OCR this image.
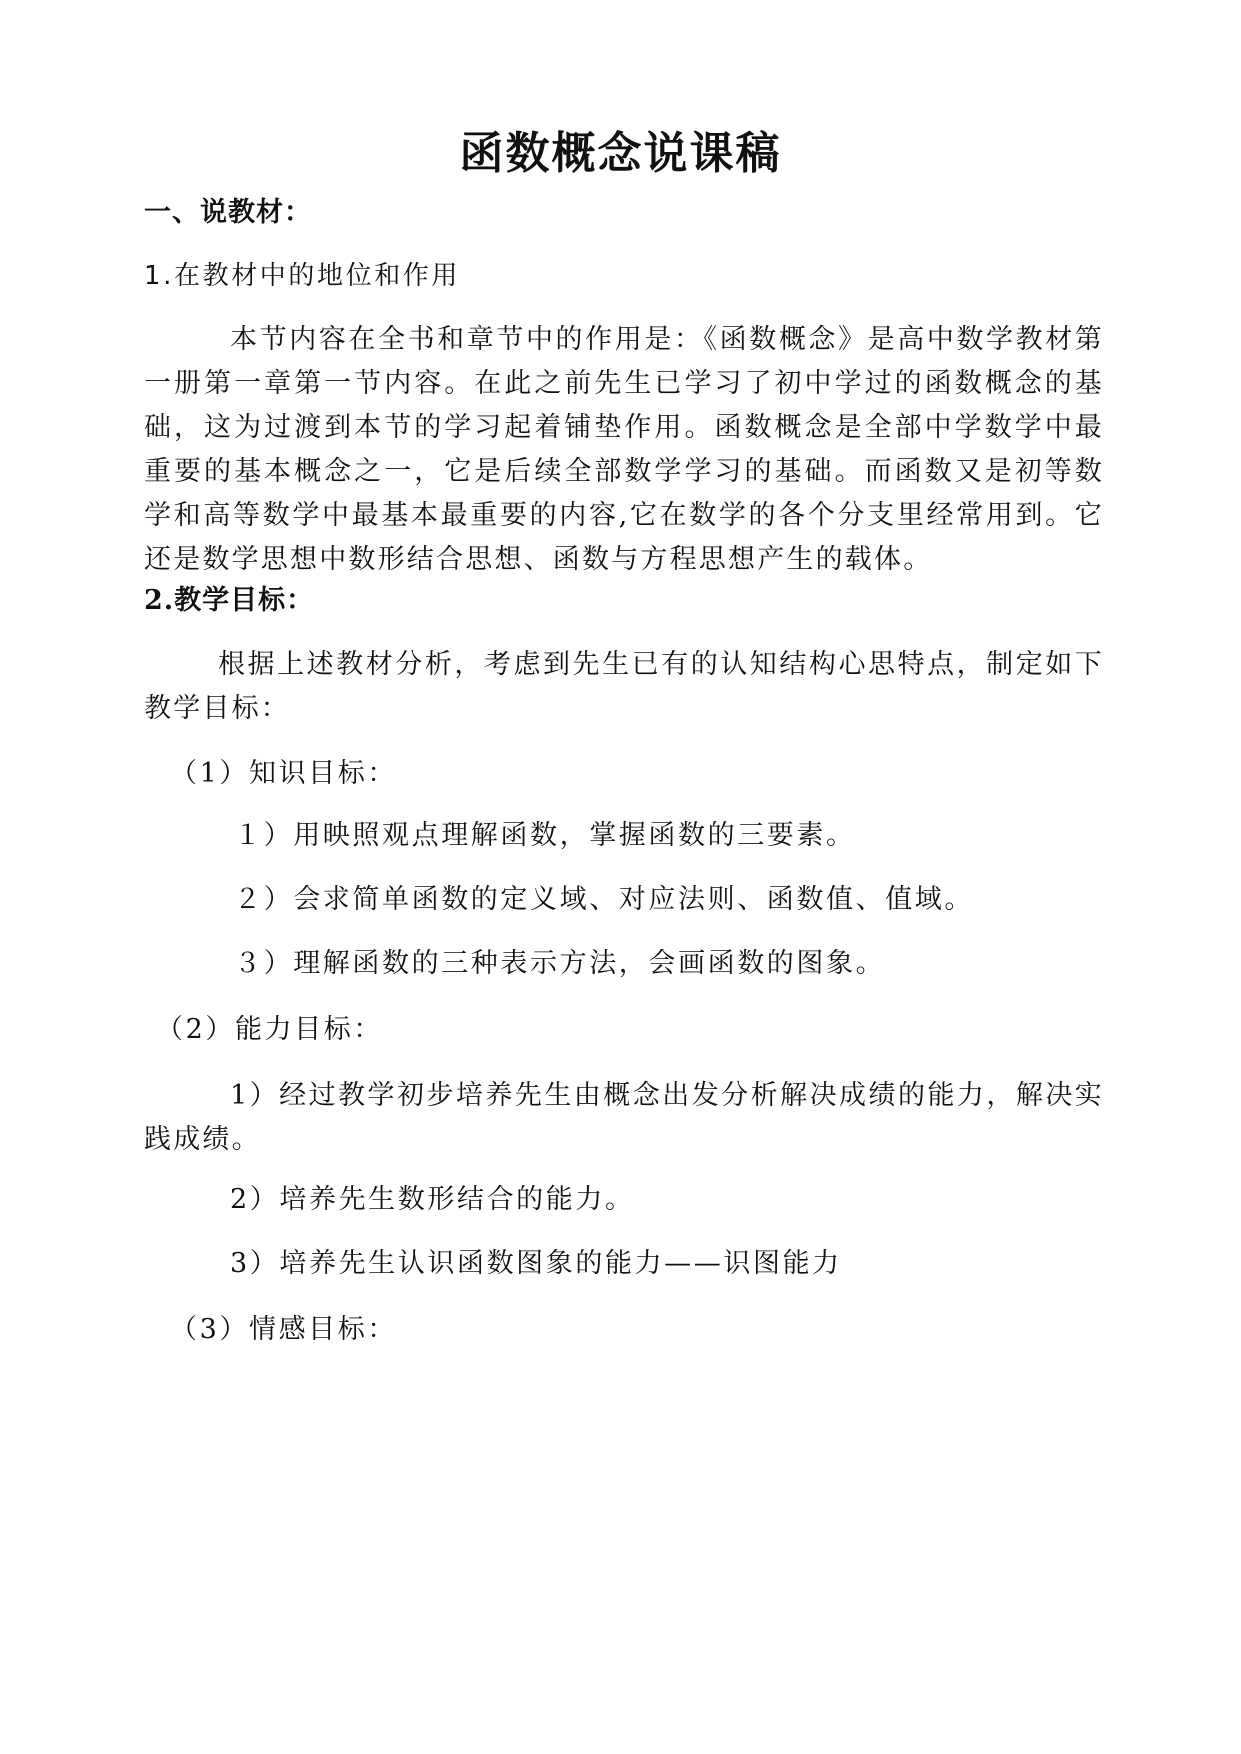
函数概念说课稿
一、说教材：
1.在教材中的地位和作用
本节内容在全书和章节中的作用是：《函数概念》是高中数学教材第一册第一章第一节内容。在此之前先生已学习了初中学过的函数概念的基础，这为过渡到本节的学习起着铺垫作用。函数概念是全部中学数学中最重要的基本概念之一，它是后续全部数学学习的基础。而函数又是初等数学和高等数学中最基本最重要的内容,它在数学的各个分支里经常用到。它还是数学思想中数形结合思想、函数与方程思想产生的载体。
2.教学目标：
根据上述教材分析，考虑到先生已有的认知结构心思特点，制定如下教学目标：
（1）知识目标：
１）用映照观点理解函数，掌握函数的三要素。
２）会求简单函数的定义域、对应法则、函数值、值域。
３）理解函数的三种表示方法，会画函数的图象。
（2）能力目标：
1）经过教学初步培养先生由概念出发分析解决成绩的能力，解决实践成绩。
2）培养先生数形结合的能力。
3）培养先生认识函数图象的能力——识图能力
（3）情感目标：
